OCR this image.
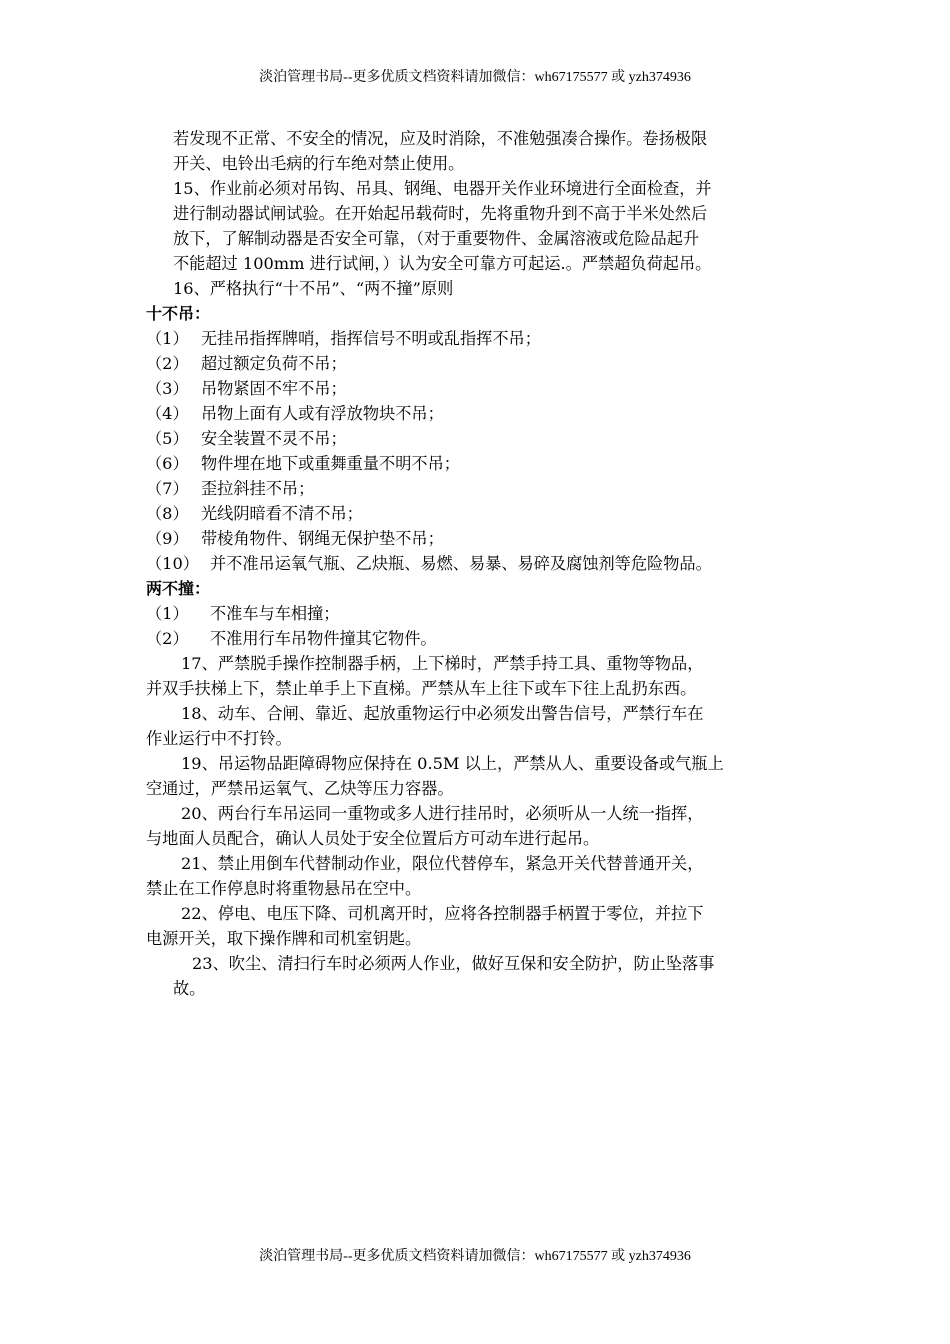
淡泊管理书局--更多优质文档资料请加微信：wh67175577 或 yzh374936
若发现不正常、不安全的情况，应及时消除，不准勉强凑合操作。卷扬极限
开关、电铃出毛病的行车绝对禁止使用。
15、作业前必须对吊钩、吊具、钢绳、电器开关作业环境进行全面检查，并
进行制动器试闸试验。在开始起吊载荷时，先将重物升到不高于半米处然后
放下，了解制动器是否安全可靠，（对于重要物件、金属溶液或危险品起升
不能超过 100mm 进行试闸，）认为安全可靠方可起运.。严禁超负荷起吊。
16、严格执行“十不吊”、“两不撞”原则
十不吊：
（1） 无挂吊指挥牌哨，指挥信号不明或乱指挥不吊；
（2） 超过额定负荷不吊；
（3） 吊物紧固不牢不吊；
（4） 吊物上面有人或有浮放物块不吊；
（5） 安全装置不灵不吊；
（6） 物件埋在地下或重舞重量不明不吊；
（7） 歪拉斜挂不吊；
（8） 光线阴暗看不清不吊；
（9） 带棱角物件、钢绳无保护垫不吊；
（10） 并不准吊运氧气瓶、乙炔瓶、易燃、易暴、易碎及腐蚀剂等危险物品。
两不撞：
（1） 不准车与车相撞；
（2） 不准用行车吊物件撞其它物件。
17、严禁脱手操作控制器手柄，上下梯时，严禁手持工具、重物等物品，
并双手扶梯上下，禁止单手上下直梯。严禁从车上往下或车下往上乱扔东西。
18、动车、合闸、靠近、起放重物运行中必须发出警告信号，严禁行车在
作业运行中不打铃。
19、吊运物品距障碍物应保持在 0.5M 以上，严禁从人、重要设备或气瓶上
空通过，严禁吊运氧气、乙炔等压力容器。
20、两台行车吊运同一重物或多人进行挂吊时，必须听从一人统一指挥，
与地面人员配合，确认人员处于安全位置后方可动车进行起吊。
21、禁止用倒车代替制动作业，限位代替停车，紧急开关代替普通开关，
禁止在工作停息时将重物悬吊在空中。
22、停电、电压下降、司机离开时，应将各控制器手柄置于零位，并拉下
电源开关，取下操作牌和司机室钥匙。
23、吹尘、清扫行车时必须两人作业，做好互保和安全防护，防止坠落事
故。
淡泊管理书局--更多优质文档资料请加微信：wh67175577 或 yzh374936
